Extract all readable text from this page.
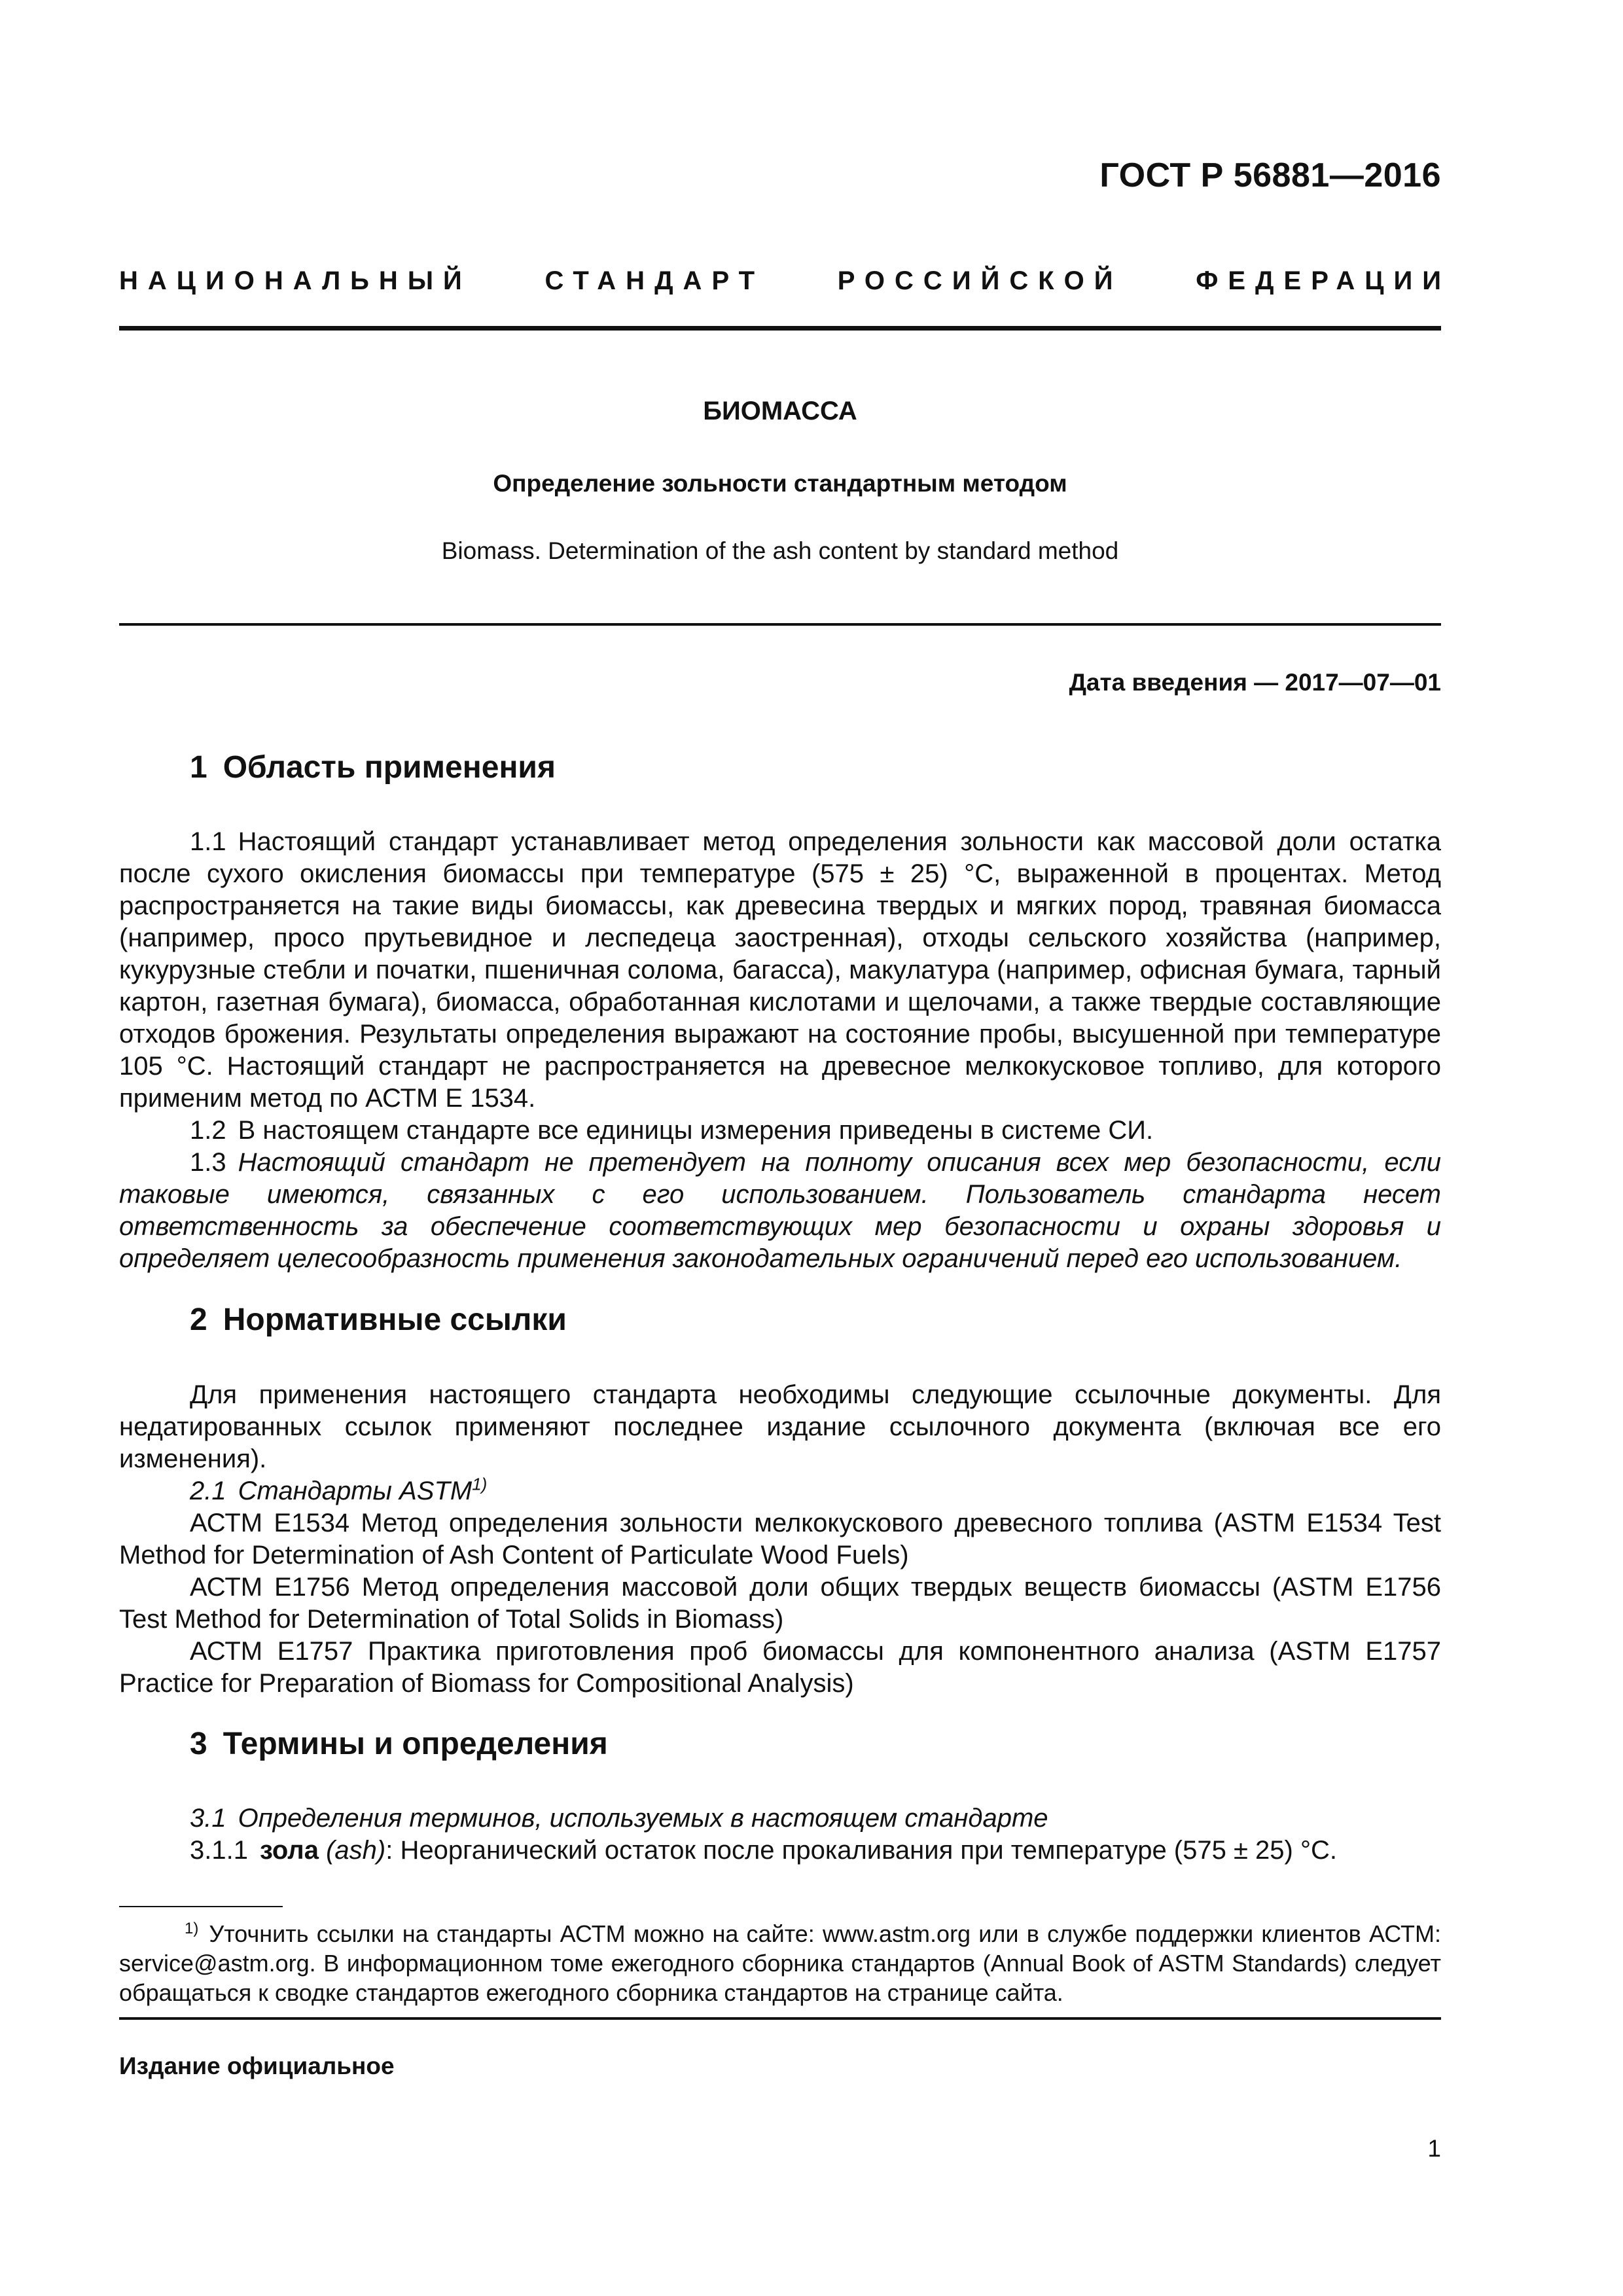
ГОСТ Р 56881—2016
НАЦИОНАЛЬНЫЙ	СТАНДАРТ	РОССИЙСКОЙ	ФЕДЕРАЦИИ
БИОМАССА
Определение зольности стандартным методом
Biomass. Determination of the ash content by standard method
Дата введения — 2017—07—01
1 Область применения

1.1 Настоящий стандарт устанавливает метод определения зольности как массовой доли остатка после сухого окисления биомассы при температуре (575 ± 25) °С, выраженной в процентах. Метод распространяется на такие виды биомассы, как древесина твердых и мягких пород, травяная биомасса (например, просо прутьевидное и леспедеца заостренная), отходы сельского хозяйства (например, кукурузные стебли и початки, пшеничная солома, багасса), макулатура (например, офисная бумага, тарный картон, газетная бумага), биомасса, обработанная кислотами и щелочами, а также твердые составляющие отходов брожения. Результаты определения выражают на состояние пробы, высушенной при температуре 105 °С. Настоящий стандарт не распространяется на древесное мелкокусковое топливо, для которого применим метод по АСТМ Е 1534.

1.2 В настоящем стандарте все единицы измерения приведены в системе СИ.

1.3 Настоящий стандарт не претендует на полноту описания всех мер безопасности, если таковые имеются, связанных с его использованием. Пользователь стандарта несет ответственность за обеспечение соответствующих мер безопасности и охраны здоровья и определяет целесообразность применения законодательных ограничений перед его использованием.

2 Нормативные ссылки

Для применения настоящего стандарта необходимы следующие ссылочные документы. Для недатированных ссылок применяют последнее издание ссылочного документа (включая все его изменения).

2.1 Стандарты ASTM$^{1)}$

АСТМ E1534 Метод определения зольности мелкокускового древесного топлива (ASTM E1534 Test Method for Determination of Ash Content of Particulate Wood Fuels)

АСТМ E1756 Метод определения массовой доли общих твердых веществ биомассы (ASTM E1756 Test Method for Determination of Total Solids in Biomass)

АСТМ E1757 Практика приготовления проб биомассы для компонентного анализа (ASTM E1757 Practice for Preparation of Biomass for Compositional Analysis)

3 Термины и определения

3.1 Определения терминов, используемых в настоящем стандарте

3.1.1 зола (ash): Неорганический остаток после прокаливания при температуре (575 ± 25) °С.

$^{1)}$ Уточнить ссылки на стандарты АСТМ можно на сайте: www.astm.org или в службе поддержки клиентов АСТМ: service@astm.org. В информационном томе ежегодного сборника стандартов (Annual Book of ASTM Standards) следует обращаться к сводке стандартов ежегодного сборника стандартов на странице сайта.

Издание официальное
1
